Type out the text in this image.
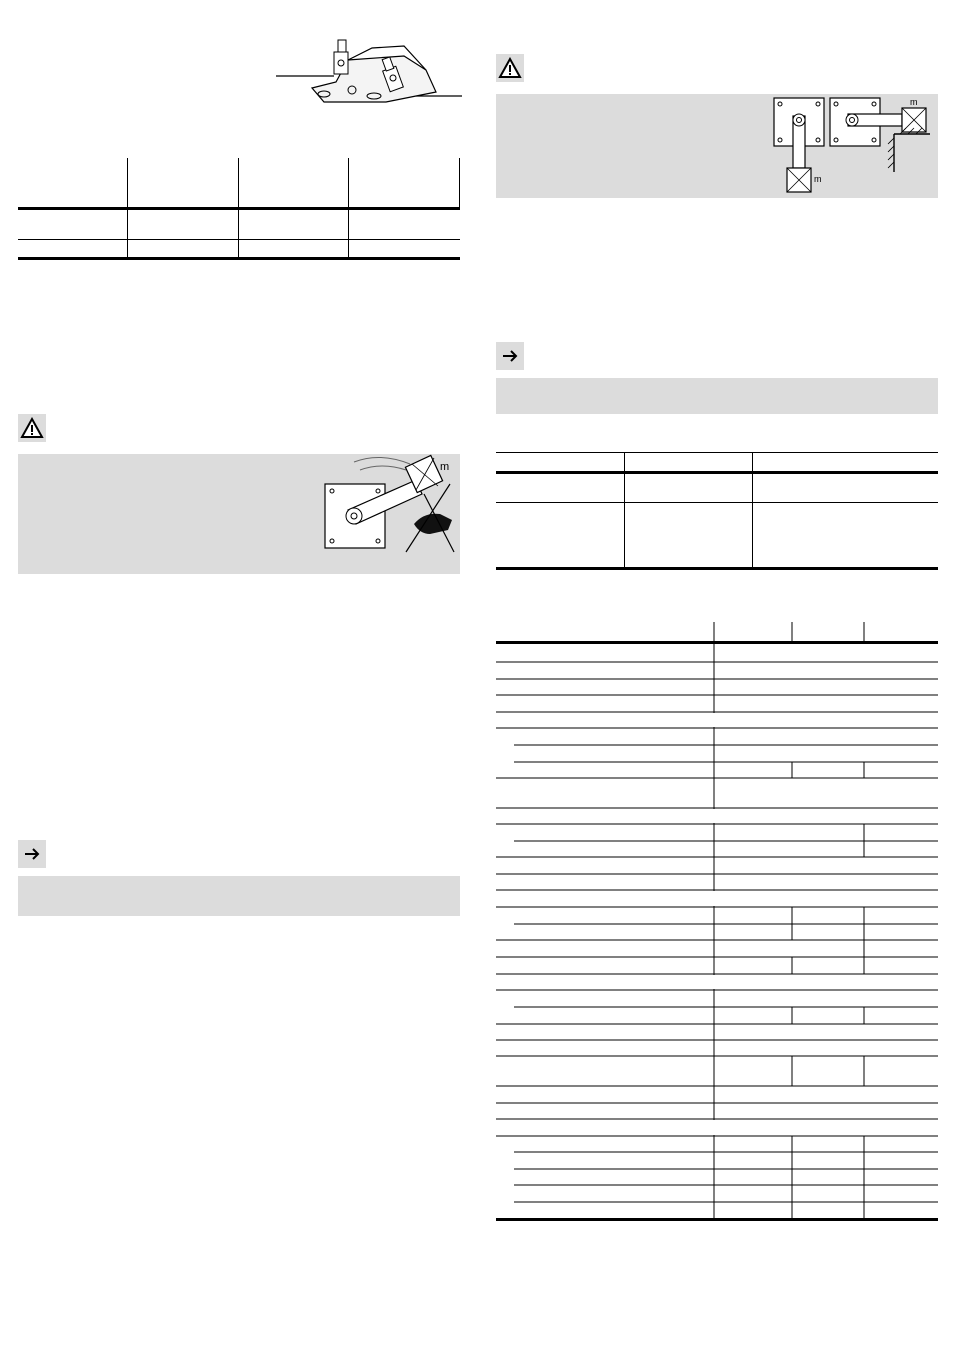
m
m
m
